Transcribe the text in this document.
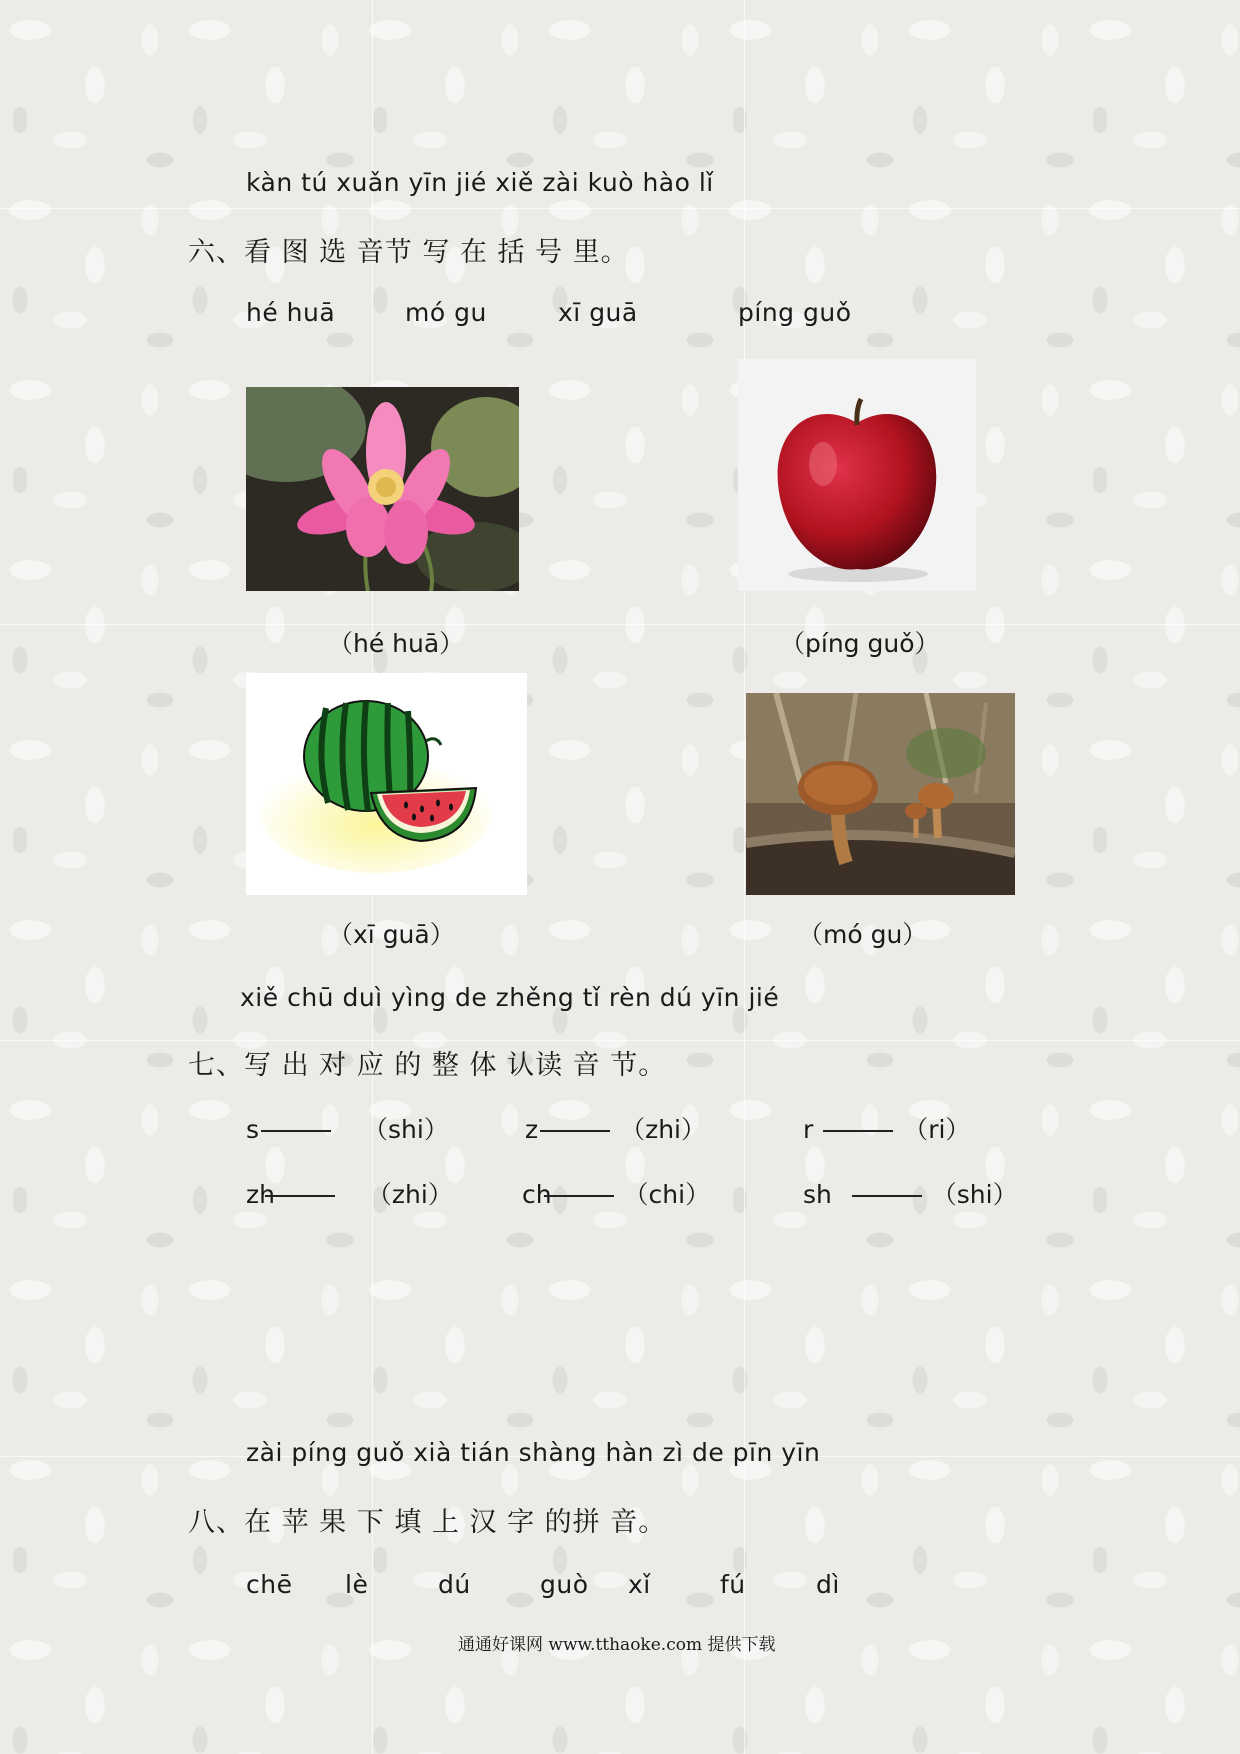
kàn tú xuǎn yīn jié xiě zài kuò hào lǐ
六、看 图 选 音节 写 在 括 号 里。
hé huā	mó gu	xī guā	píng guǒ
（hé huā）	（píng guǒ）
（xī guā）	（mó gu）
xiě chū duì yìng de zhěng tǐ rèn dú yīn jié
七、写 出 对 应 的 整 体 认读 音 节。
s	（shi）	z	（zhi）	r	（ri）
zh	（zhi）	ch	（chi）	sh	（shi）
zài píng guǒ xià tián shàng hàn zì de pīn yīn
八、在 苹 果 下 填 上 汉 字 的拼 音。
chē lè	dú	guò xǐ	fú	dì
通通好课网 www.tthaoke.com 提供下载
